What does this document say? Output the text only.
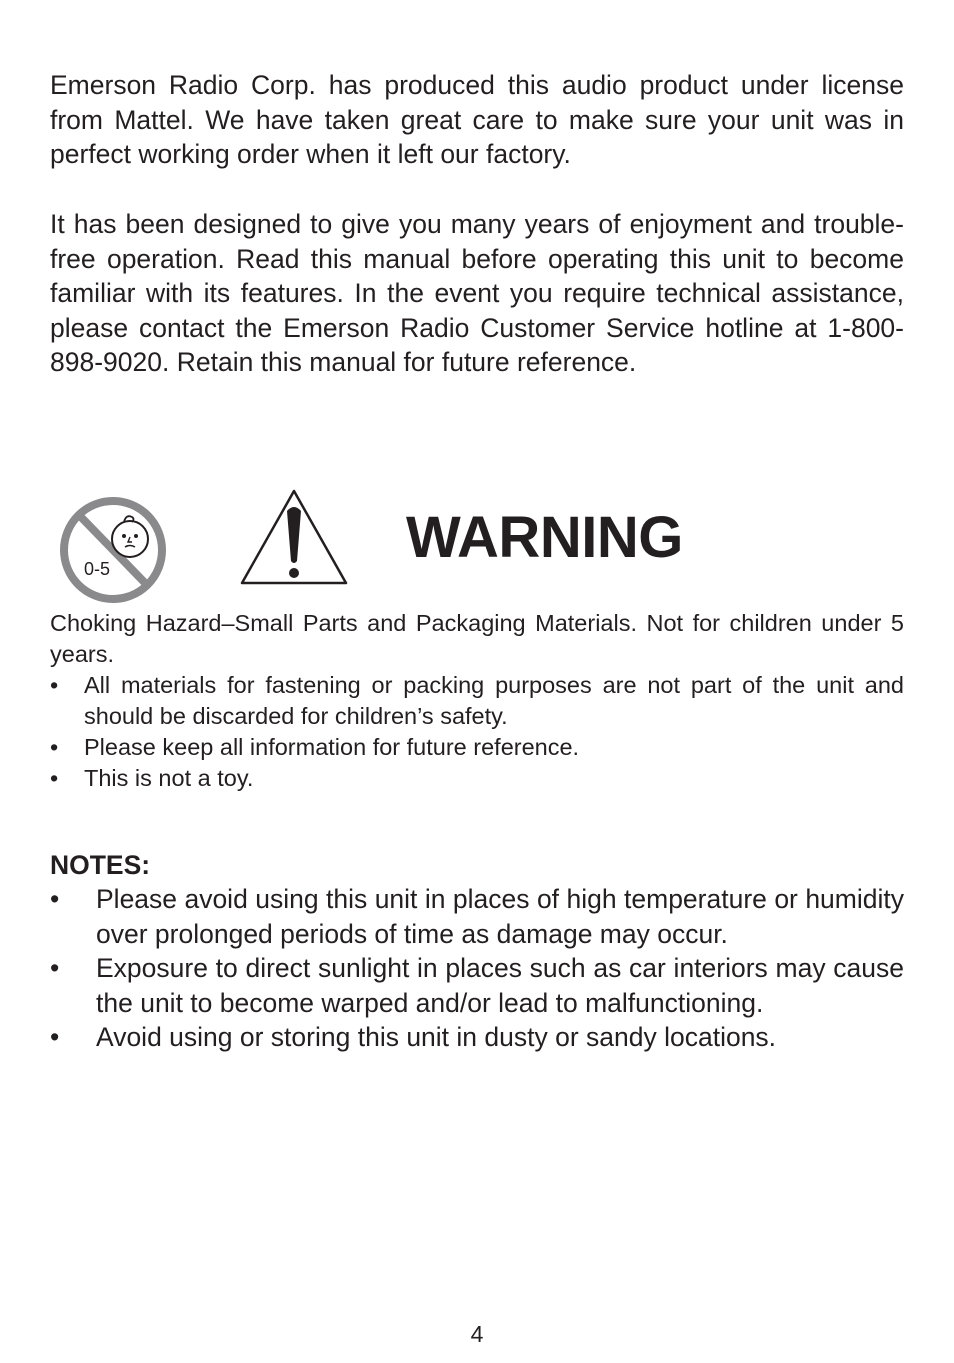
Emerson Radio Corp. has produced this audio product under license from Mattel. We have taken great care to make sure your unit was in perfect working order when it left our factory.

It has been designed to give you many years of enjoyment and trouble-free operation. Read this manual before operating this unit to become familiar with its features. In the event you require technical assistance, please contact the Emerson Radio Customer Service hotline at 1-800-898-9020. Retain this manual for future reference.

0-5	WARNING

Choking Hazard–Small Parts and Packaging Materials. Not for children under 5 years.

• All materials for fastening or packing purposes are not part of the unit and should be discarded for children’s safety.
• Please keep all information for future reference.
• This is not a toy.
NOTES:
• Please avoid using this unit in places of high temperature or humidity over prolonged periods of time as damage may occur.
• Exposure to direct sunlight in places such as car interiors may cause the unit to become warped and/or lead to malfunctioning.
• Avoid using or storing this unit in dusty or sandy locations.

4
